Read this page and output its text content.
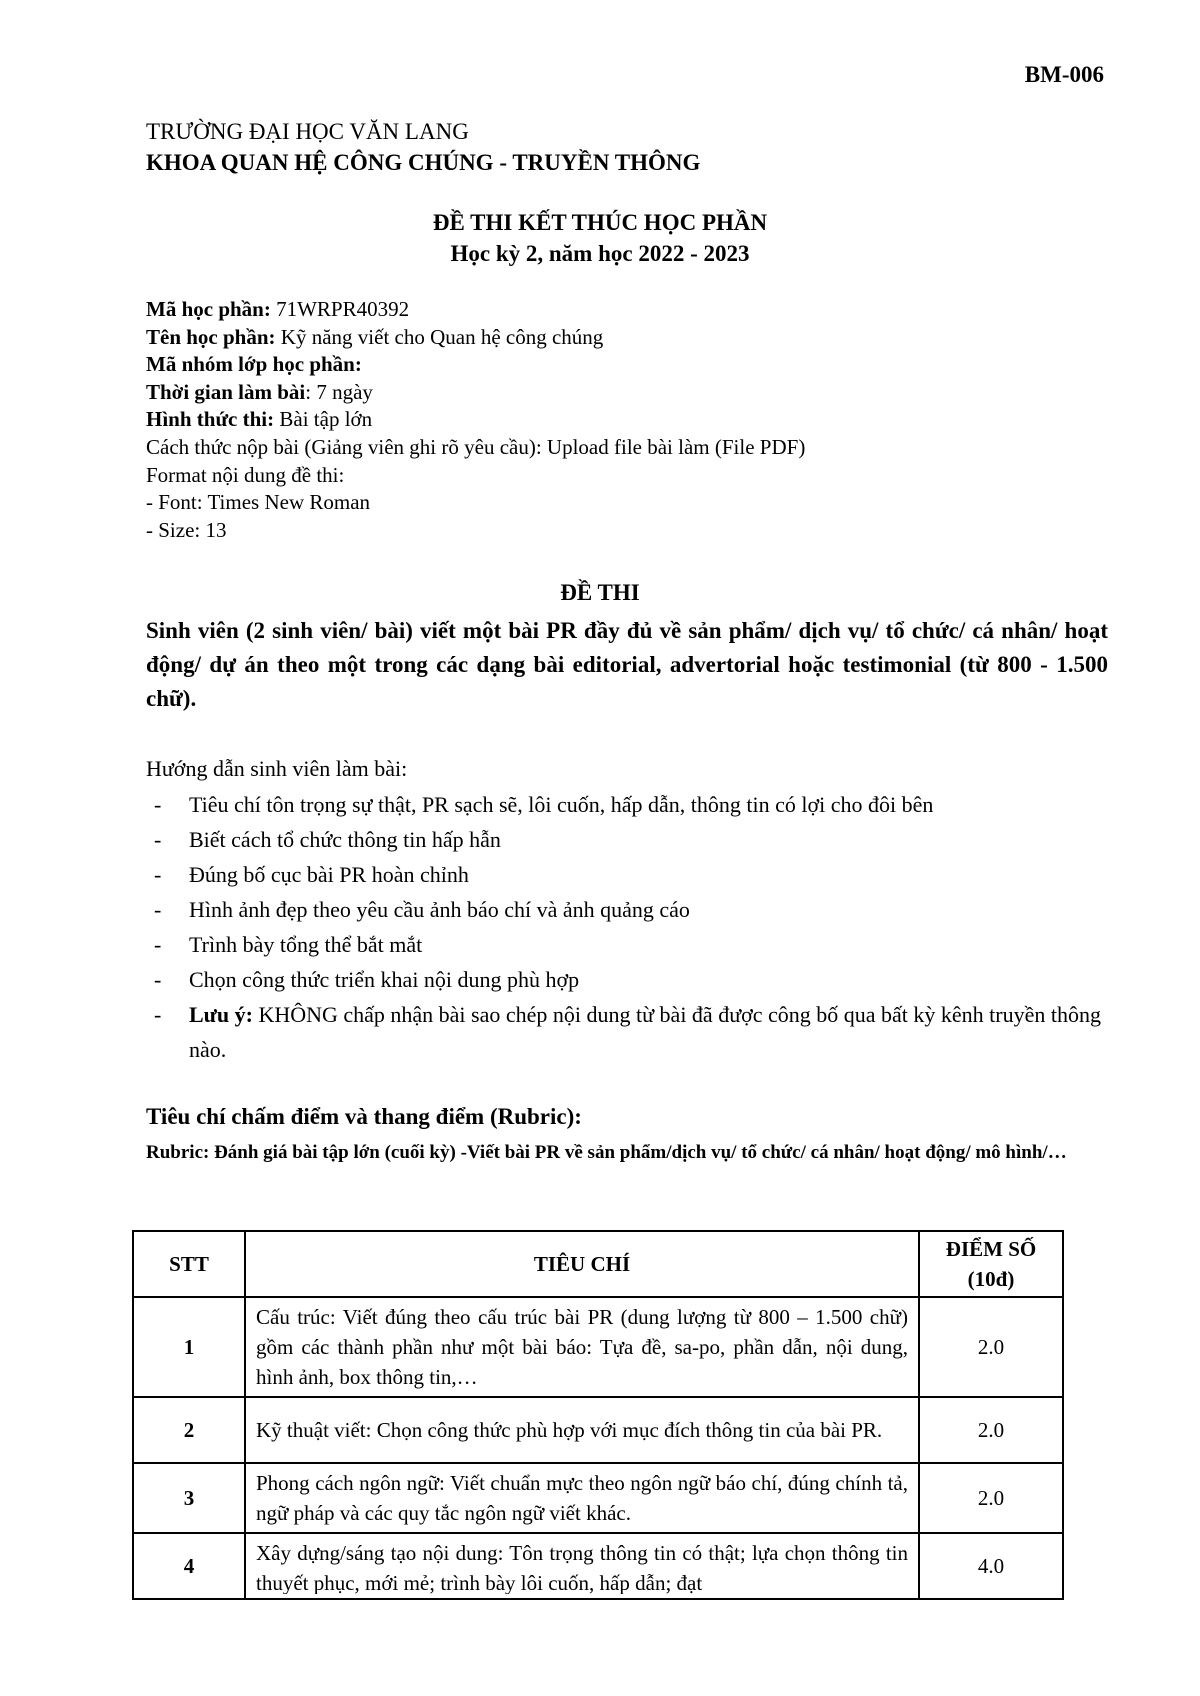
BM-006
TRƯỜNG ĐẠI HỌC VĂN LANG
KHOA QUAN HỆ CÔNG CHÚNG - TRUYỀN THÔNG
ĐỀ THI KẾT THÚC HỌC PHẦN
Học kỳ 2, năm học 2022 - 2023
Mã học phần: 71WRPR40392
Tên học phần: Kỹ năng viết cho Quan hệ công chúng
Mã nhóm lớp học phần:
Thời gian làm bài: 7 ngày
Hình thức thi: Bài tập lớn
Cách thức nộp bài (Giảng viên ghi rõ yêu cầu): Upload file bài làm (File PDF)
Format nội dung đề thi:
- Font: Times New Roman
- Size: 13
ĐỀ THI
Sinh viên (2 sinh viên/ bài) viết một bài PR đầy đủ về sản phẩm/ dịch vụ/ tổ chức/ cá nhân/ hoạt động/ dự án theo một trong các dạng bài editorial, advertorial hoặc testimonial (từ 800 - 1.500 chữ).
Hướng dẫn sinh viên làm bài:
- Tiêu chí tôn trọng sự thật, PR sạch sẽ, lôi cuốn, hấp dẫn, thông tin có lợi cho đôi bên
- Biết cách tổ chức thông tin hấp hẫn
- Đúng bố cục bài PR hoàn chỉnh
- Hình ảnh đẹp theo yêu cầu ảnh báo chí và ảnh quảng cáo
- Trình bày tổng thể bắt mắt
- Chọn công thức triển khai nội dung phù hợp
- Lưu ý: KHÔNG chấp nhận bài sao chép nội dung từ bài đã được công bố qua bất kỳ kênh truyền thông nào.
Tiêu chí chấm điểm và thang điểm (Rubric):
Rubric: Đánh giá bài tập lớn (cuối kỳ) -Viết bài PR về sản phẩm/dịch vụ/ tổ chức/ cá nhân/ hoạt động/ mô hình/…
STT	TIÊU CHÍ	ĐIỂM SỐ (10đ)
1	Cấu trúc: Viết đúng theo cấu trúc bài PR (dung lượng từ 800 – 1.500 chữ) gồm các thành phần như một bài báo: Tựa đề, sa-po, phần dẫn, nội dung, hình ảnh, box thông tin,…	2.0
2	Kỹ thuật viết: Chọn công thức phù hợp với mục đích thông tin của bài PR.	2.0
3	Phong cách ngôn ngữ: Viết chuẩn mực theo ngôn ngữ báo chí, đúng chính tả, ngữ pháp và các quy tắc ngôn ngữ viết khác.	2.0
4	Xây dựng/sáng tạo nội dung: Tôn trọng thông tin có thật; lựa chọn thông tin thuyết phục, mới mẻ; trình bày lôi cuốn, hấp dẫn; đạt	4.0
